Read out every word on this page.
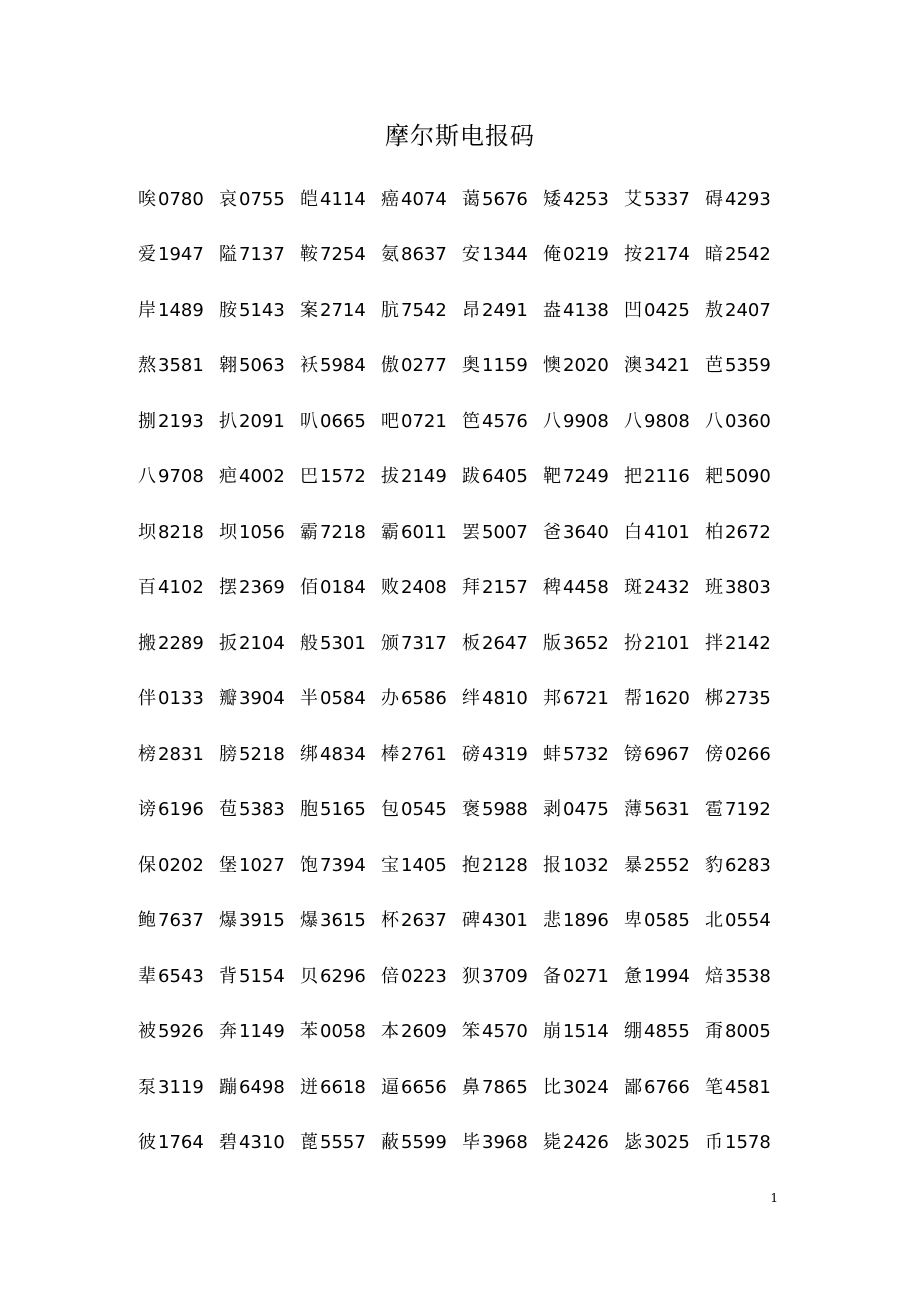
摩尔斯电报码
唉 0780 哀 0755 皑 4114 癌 4074 蔼 5676 矮 4253 艾 5337 碍 4293
爱 1947 隘 7137 鞍 7254 氨 8637 安 1344 俺 0219 按 2174 暗 2542
岸 1489 胺 5143 案 2714 肮 7542 昂 2491 盎 4138 凹 0425 敖 2407
熬 3581 翱 5063 袄 5984 傲 0277 奥 1159 懊 2020 澳 3421 芭 5359
捌 2193 扒 2091 叭 0665 吧 0721 笆 4576 八 9908 八 9808 八 0360
八 9708 疤 4002 巴 1572 拔 2149 跋 6405 靶 7249 把 2116 耙 5090
坝 8218 坝 1056 霸 7218 霸 6011 罢 5007 爸 3640 白 4101 柏 2672
百 4102 摆 2369 佰 0184 败 2408 拜 2157 稗 4458 斑 2432 班 3803
搬 2289 扳 2104 般 5301 颁 7317 板 2647 版 3652 扮 2101 拌 2142
伴 0133 瓣 3904 半 0584 办 6586 绊 4810 邦 6721 帮 1620 梆 2735
榜 2831 膀 5218 绑 4834 棒 2761 磅 4319 蚌 5732 镑 6967 傍 0266
谤 6196 苞 5383 胞 5165 包 0545 褒 5988 剥 0475 薄 5631 雹 7192
保 0202 堡 1027 饱 7394 宝 1405 抱 2128 报 1032 暴 2552 豹 6283
鲍 7637 爆 3915 爆 3615 杯 2637 碑 4301 悲 1896 卑 0585 北 0554
辈 6543 背 5154 贝 6296 倍 0223 狈 3709 备 0271 惫 1994 焙 3538
被 5926 奔 1149 苯 0058 本 2609 笨 4570 崩 1514 绷 4855 甭 8005
泵 3119 蹦 6498 迸 6618 逼 6656 鼻 7865 比 3024 鄙 6766 笔 4581
彼 1764 碧 4310 蓖 5557 蔽 5599 毕 3968 毙 2426 毖 3025 币 1578
1
